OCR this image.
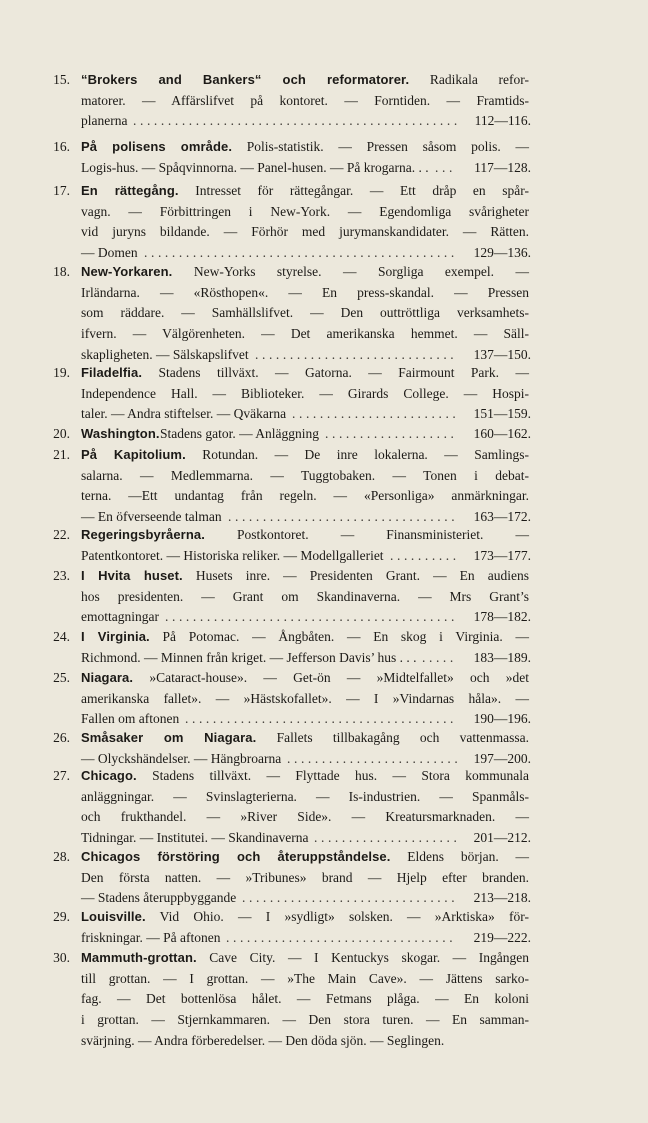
15. “Brokers and Bankers“ och reformatorer. Radikala refor-
matorer. — Affärslifvet på kontoret. — Forntiden. — Framtids-
planerna ............................................... 112—116.
16. På polisens område. Polis-statistik. — Pressen såsom polis. —
Logis-hus. — Spåqvinnorna. — Panel-husen. — På krogarna. . . ...	117—128.
17. En rättegång. Intresset för rättegångar. — Ett dråp en spår-
vagn. — Förbittringen i New-York. — Egendomliga svårigheter
vid juryns bildande. — Förhör med jurymanskandidater. — Rätten.
— Domen .............................................	129—136.
18. New-Yorkaren. New-Yorks styrelse. — Sorgliga exempel. —
Irländarna. — «Rösthopen«. — En press-skandal. — Pressen
som räddare. — Samhällslifvet. — Den outtröttliga verksamhets-
ifvern. — Välgörenheten. — Det amerikanska hemmet. — Säll-
skapligheten. — Sälskapslifvet .............................	137—150.
19. Filadelfia. Stadens tillväxt. — Gatorna. — Fairmount Park. —
Independence Hall. — Biblioteker. — Girards College. — Hospi-
taler. — Andra stiftelser. — Qväkarna ........................ 151—159.
20. Washington. Stadens gator. — Anläggning ...................	160—162.
21. På Kapitolium. Rotundan. — De inre lokalerna. — Samlings-
salarna. — Medlemmarna. — Tuggtobaken. — Tonen i debat-
terna. —Ett undantag från regeln. — «Personliga» anmärkningar.
— En öfverseende talman ................................. 163—172.
22. Regeringsbyråerna. Postkontoret. — Finansministeriet. —
Patentkontoret. — Historiska reliker. — Modellgalleriet .......... 173—177.
23. I Hvita huset. Husets inre. — Presidenten Grant. — En audiens
hos presidenten. — Grant om Skandinaverna. — Mrs Grant’s
emottagningar .......................................... 178—182.
24. I Virginia. På Potomac. — Ångbåten. — En skog i Virginia. —
Richmond. — Minnen från kriget. — Jefferson Davis’ hus . . . .....	183—189.
25. Niagara. »Cataract-house». — Get-ön — »Midtelfallet» och »det
amerikanska fallet». — »Hästskofallet». — I »Vindarnas håla». —
Fallen om aftonen .......................................	190—196.
26. Småsaker om Niagara. Fallets tillbakagång och vattenmassa.
— Olyckshändelser. — Hängbroarna ......................... 197—200.
27. Chicago. Stadens tillväxt. — Flyttade hus. — Stora kommunala
anläggningar. — Svinslagterierna. — Is-industrien. — Spanmåls-
och frukthandel. — »River Side». — Kreatursmarknaden. —
Tidningar. — Institutei. — Skandinaverna ..................... 201—212.
28. Chicagos förstöring och återuppståndelse. Eldens början. —
Den första natten. — »Tribunes» brand — Hjelp efter branden.
— Stadens återuppbyggande ............................... 213—218.
29. Louisville. Vid Ohio. — I »sydligt» solsken. — »Arktiska» för-
friskningar. — På aftonen .................................	219—222.
30. Mammuth-grottan. Cave City. — I Kentuckys skogar. — Ingången
till grottan. — I grottan. — »The Main Cave». — Jättens sarko-
fag. — Det bottenlösa hålet. — Fetmans plåga. — En koloni
i grottan. — Stjernkammaren. — Den stora turen. — En samman-
svärjning. — Andra förberedelser. — Den döda sjön. — Seglingen.
